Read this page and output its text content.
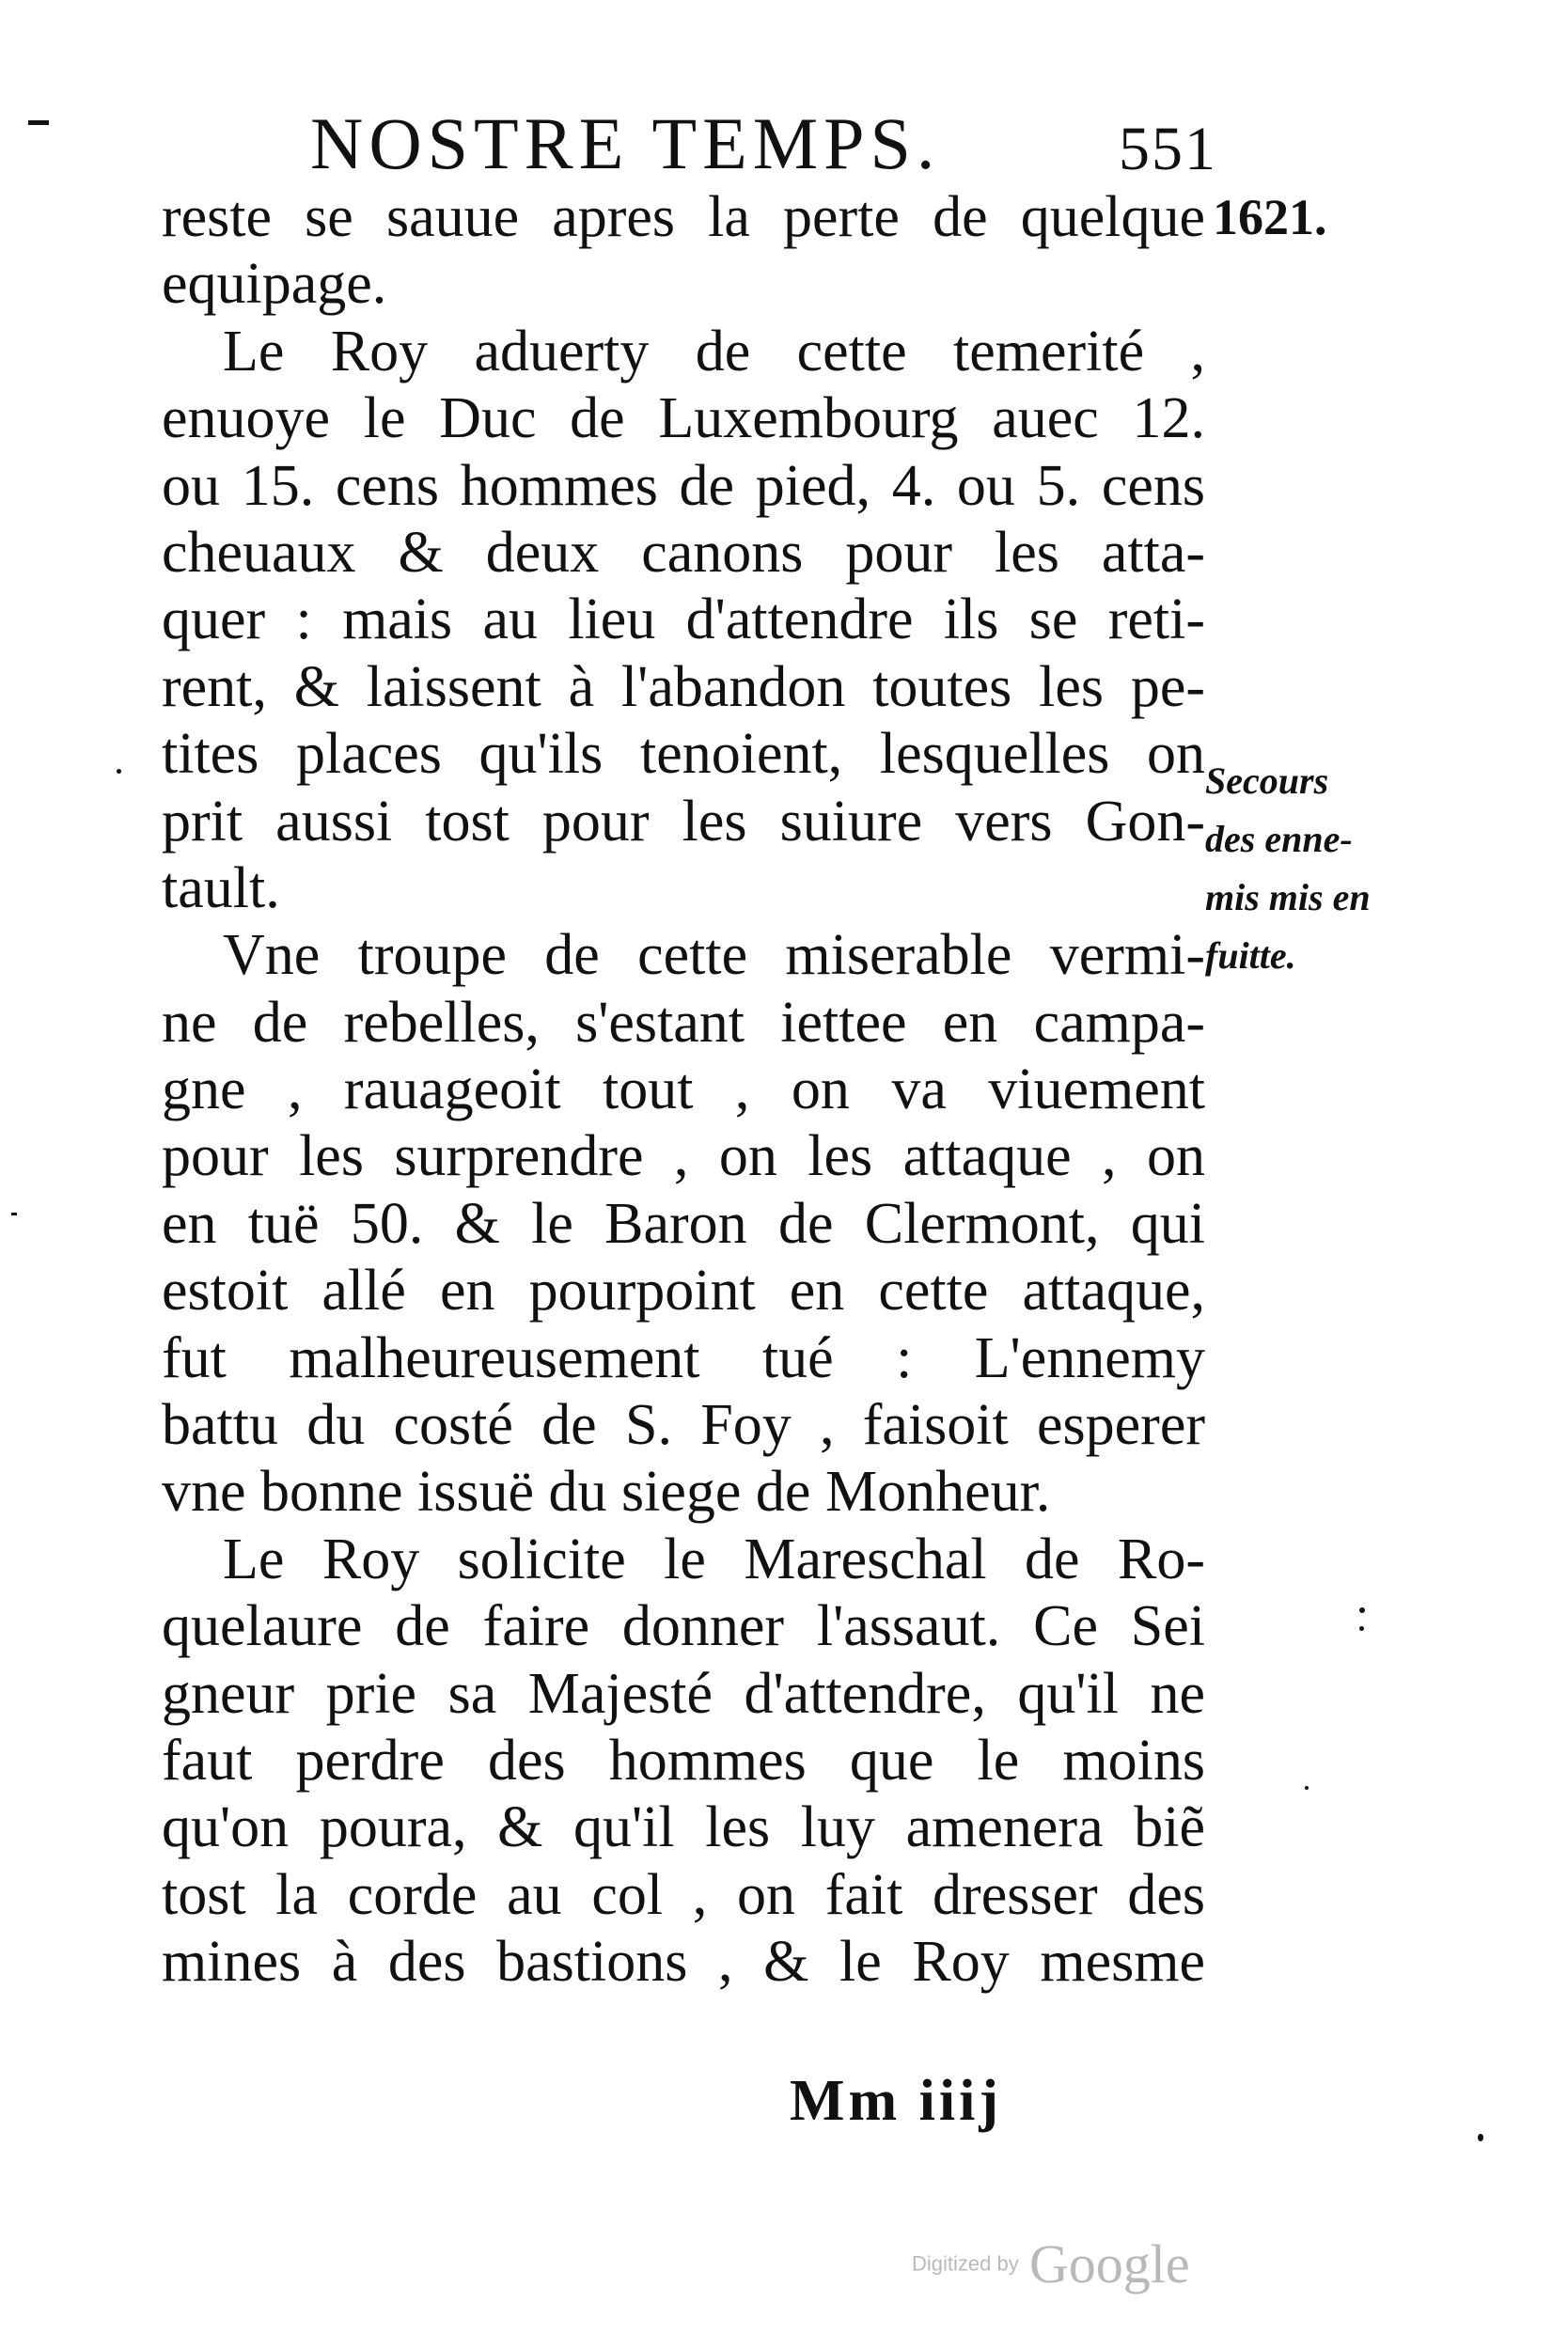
NOSTRE TEMPS.	551
1621.
Secours
des enne-
mis mis en
fuitte.
reste se sauue apres la perte de quelque
equipage.
Le Roy aduerty de cette temerité ,
enuoye le Duc de Luxembourg auec 12.
ou 15. cens hommes de pied, 4. ou 5. cens
cheuaux & deux canons pour les atta-
quer : mais au lieu d'attendre ils se reti-
rent, & laissent à l'abandon toutes les pe-
tites places qu'ils tenoient, lesquelles on
prit aussi tost pour les suiure vers Gon-
tault.
Vne troupe de cette miserable vermi-
ne de rebelles, s'estant iettee en campa-
gne , rauageoit tout , on va viuement
pour les surprendre , on les attaque , on
en tuë 50. & le Baron de Clermont, qui
estoit allé en pourpoint en cette attaque,
fut malheureusement tué : L'ennemy
battu du costé de S. Foy , faisoit esperer
vne bonne issuë du siege de Monheur.
Le Roy solicite le Mareschal de Ro-
quelaure de faire donner l'assaut. Ce Sei
gneur prie sa Majesté d'attendre, qu'il ne
faut perdre des hommes que le moins
qu'on poura, & qu'il les luy amenera biẽ
tost la corde au col , on fait dresser des
mines à des bastions , & le Roy mesme
Mm iiij
Digitized by Google
